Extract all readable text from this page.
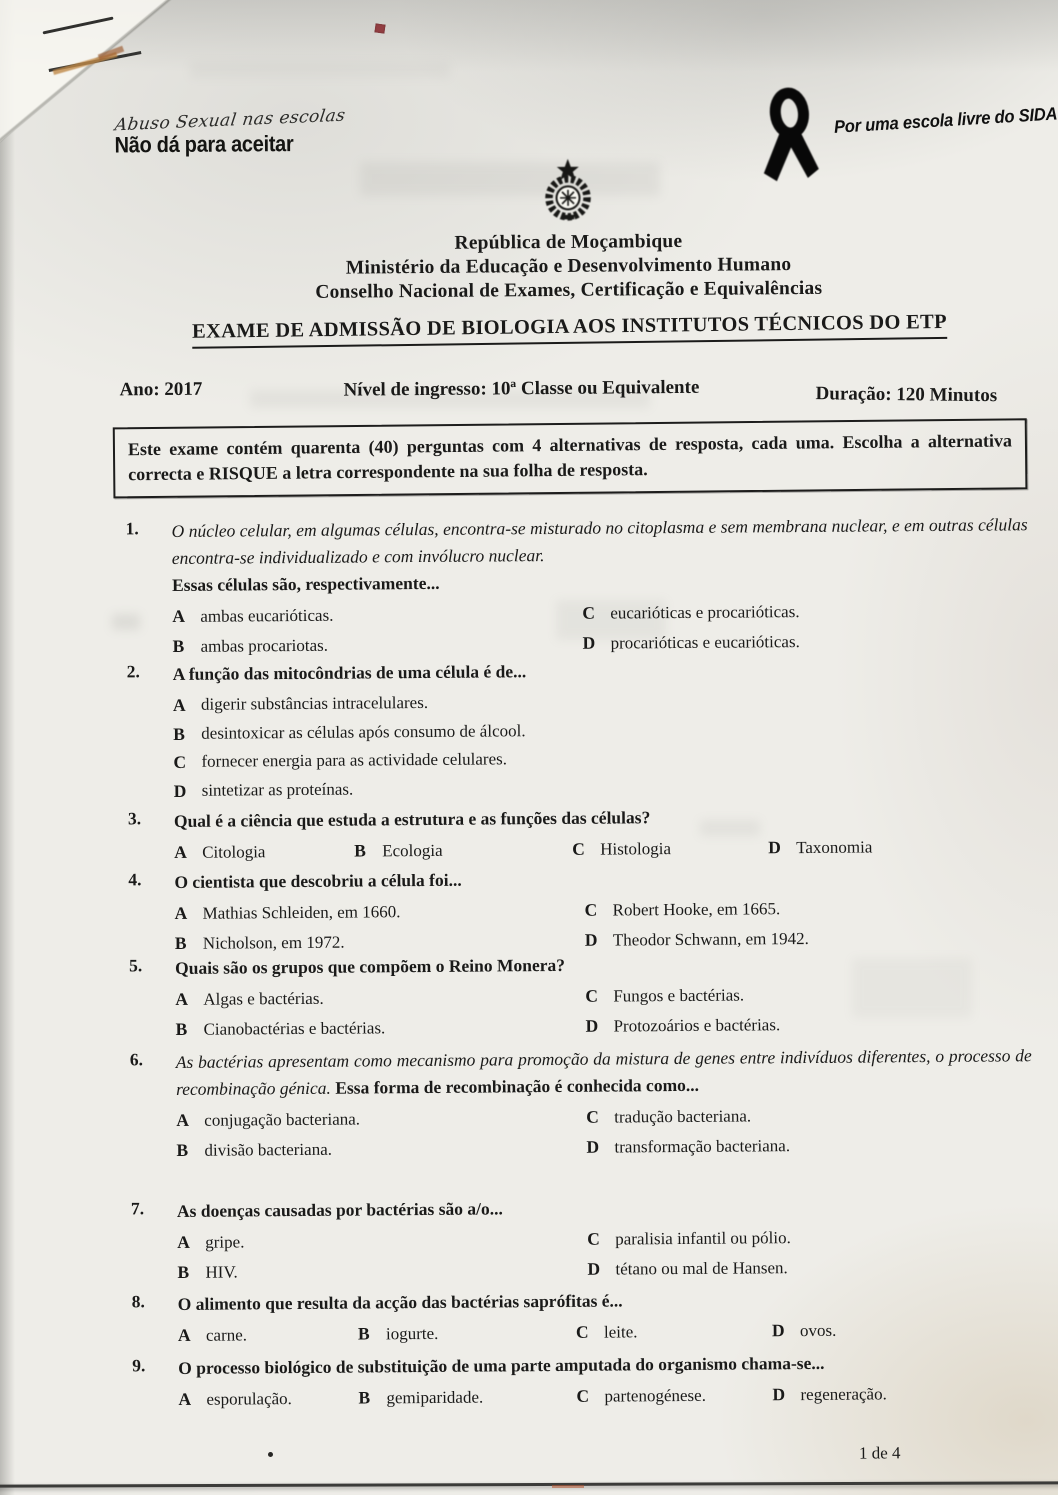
Abuso Sexual nas escolas
Não dá para aceitar
Por uma escola livre do SIDA
República de Moçambique
Ministério da Educação e Desenvolvimento Humano
Conselho Nacional de Exames, Certificação e Equivalências
EXAME DE ADMISSÃO DE BIOLOGIA AOS INSTITUTOS TÉCNICOS DO ETP
Ano: 2017	Nível de ingresso: 10ª Classe ou Equivalente	Duração: 120 Minutos
Este exame contém quarenta (40) perguntas com 4 alternativas de resposta, cada uma. Escolha a alternativa correcta e RISQUE a letra correspondente na sua folha de resposta.
1. O núcleo celular, em algumas células, encontra-se misturado no citoplasma e sem membrana nuclear, e em outras células encontra-se individualizado e com invólucro nuclear.
Essas células são, respectivamente...
A ambas eucarióticas.
B ambas procariotas.
C eucarióticas e procarióticas.
D procarióticas e eucarióticas.
2. A função das mitocôndrias de uma célula é de...
A digerir substâncias intracelulares.
B desintoxicar as células após consumo de álcool.
C fornecer energia para as actividade celulares.
D sintetizar as proteínas.
3. Qual é a ciência que estuda a estrutura e as funções das células?
A Citologia	B Ecologia	C Histologia	D Taxonomia
4. O cientista que descobriu a célula foi...
A Mathias Schleiden, em 1660.
B Nicholson, em 1972.
C Robert Hooke, em 1665.
D Theodor Schwann, em 1942.
5. Quais são os grupos que compõem o Reino Monera?
A Algas e bactérias.
B Cianobactérias e bactérias.
C Fungos e bactérias.
D Protozoários e bactérias.
6. As bactérias apresentam como mecanismo para promoção da mistura de genes entre indivíduos diferentes, o processo de recombinação génica. Essa forma de recombinação é conhecida como...
A conjugação bacteriana.
B divisão bacteriana.
C tradução bacteriana.
D transformação bacteriana.
7. As doenças causadas por bactérias são a/o...
A gripe.
B HIV.
C paralisia infantil ou pólio.
D tétano ou mal de Hansen.
8. O alimento que resulta da acção das bactérias saprófitas é...
A carne.	B iogurte.	C leite.	D ovos.
9. O processo biológico de substituição de uma parte amputada do organismo chama-se...
A esporulação.	B gemiparidade.	C partenogénese.	D regeneração.
1 de 4
